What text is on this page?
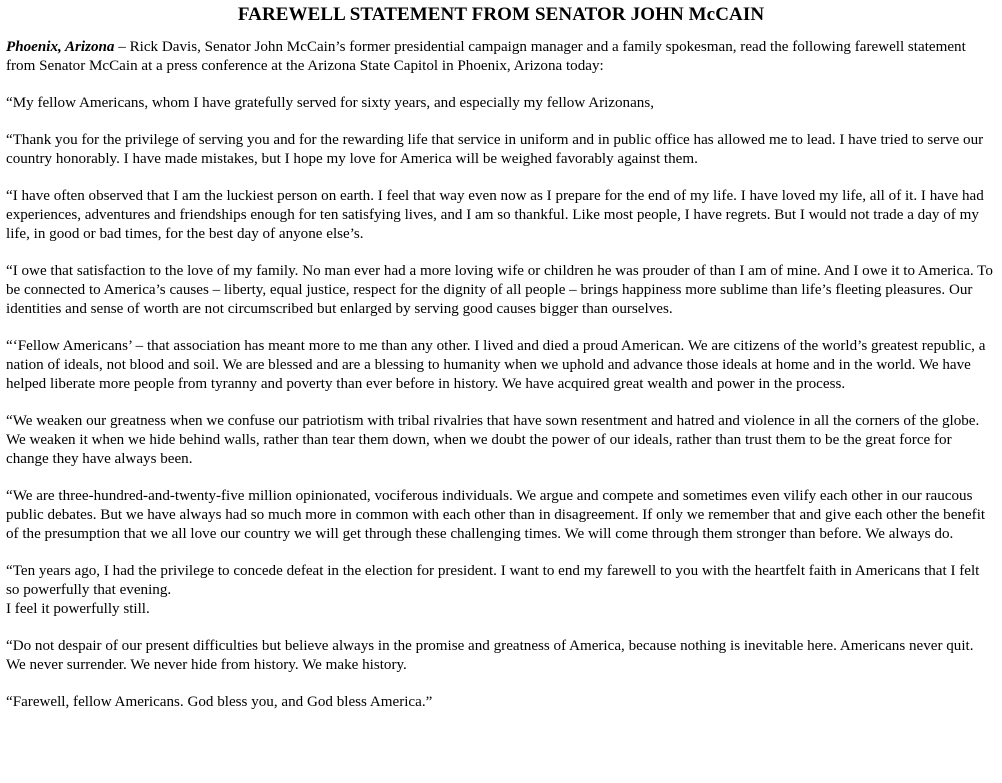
FAREWELL STATEMENT FROM SENATOR JOHN McCAIN

Phoenix, Arizona – Rick Davis, Senator John McCain’s former presidential campaign manager and a family spokesman, read the following farewell statement from Senator McCain at a press conference at the Arizona State Capitol in Phoenix, Arizona today:

“My fellow Americans, whom I have gratefully served for sixty years, and especially my fellow Arizonans,

“Thank you for the privilege of serving you and for the rewarding life that service in uniform and in public office has allowed me to lead. I have tried to serve our country honorably. I have made mistakes, but I hope my love for America will be weighed favorably against them.

“I have often observed that I am the luckiest person on earth. I feel that way even now as I prepare for the end of my life. I have loved my life, all of it. I have had experiences, adventures and friendships enough for ten satisfying lives, and I am so thankful. Like most people, I have regrets. But I would not trade a day of my life, in good or bad times, for the best day of anyone else’s.

“I owe that satisfaction to the love of my family. No man ever had a more loving wife or children he was prouder of than I am of mine. And I owe it to America. To be connected to America’s causes – liberty, equal justice, respect for the dignity of all people – brings happiness more sublime than life’s fleeting pleasures. Our identities and sense of worth are not circumscribed but enlarged by serving good causes bigger than ourselves.

“‘Fellow Americans’ – that association has meant more to me than any other. I lived and died a proud American. We are citizens of the world’s greatest republic, a nation of ideals, not blood and soil. We are blessed and are a blessing to humanity when we uphold and advance those ideals at home and in the world. We have helped liberate more people from tyranny and poverty than ever before in history. We have acquired great wealth and power in the process.

“We weaken our greatness when we confuse our patriotism with tribal rivalries that have sown resentment and hatred and violence in all the corners of the globe. We weaken it when we hide behind walls, rather than tear them down, when we doubt the power of our ideals, rather than trust them to be the great force for change they have always been.

“We are three-hundred-and-twenty-five million opinionated, vociferous individuals. We argue and compete and sometimes even vilify each other in our raucous public debates. But we have always had so much more in common with each other than in disagreement. If only we remember that and give each other the benefit of the presumption that we all love our country we will get through these challenging times. We will come through them stronger than before. We always do.

“Ten years ago, I had the privilege to concede defeat in the election for president. I want to end my farewell to you with the heartfelt faith in Americans that I felt so powerfully that evening.

I feel it powerfully still.

“Do not despair of our present difficulties but believe always in the promise and greatness of America, because nothing is inevitable here. Americans never quit. We never surrender. We never hide from history. We make history.

“Farewell, fellow Americans. God bless you, and God bless America.”
